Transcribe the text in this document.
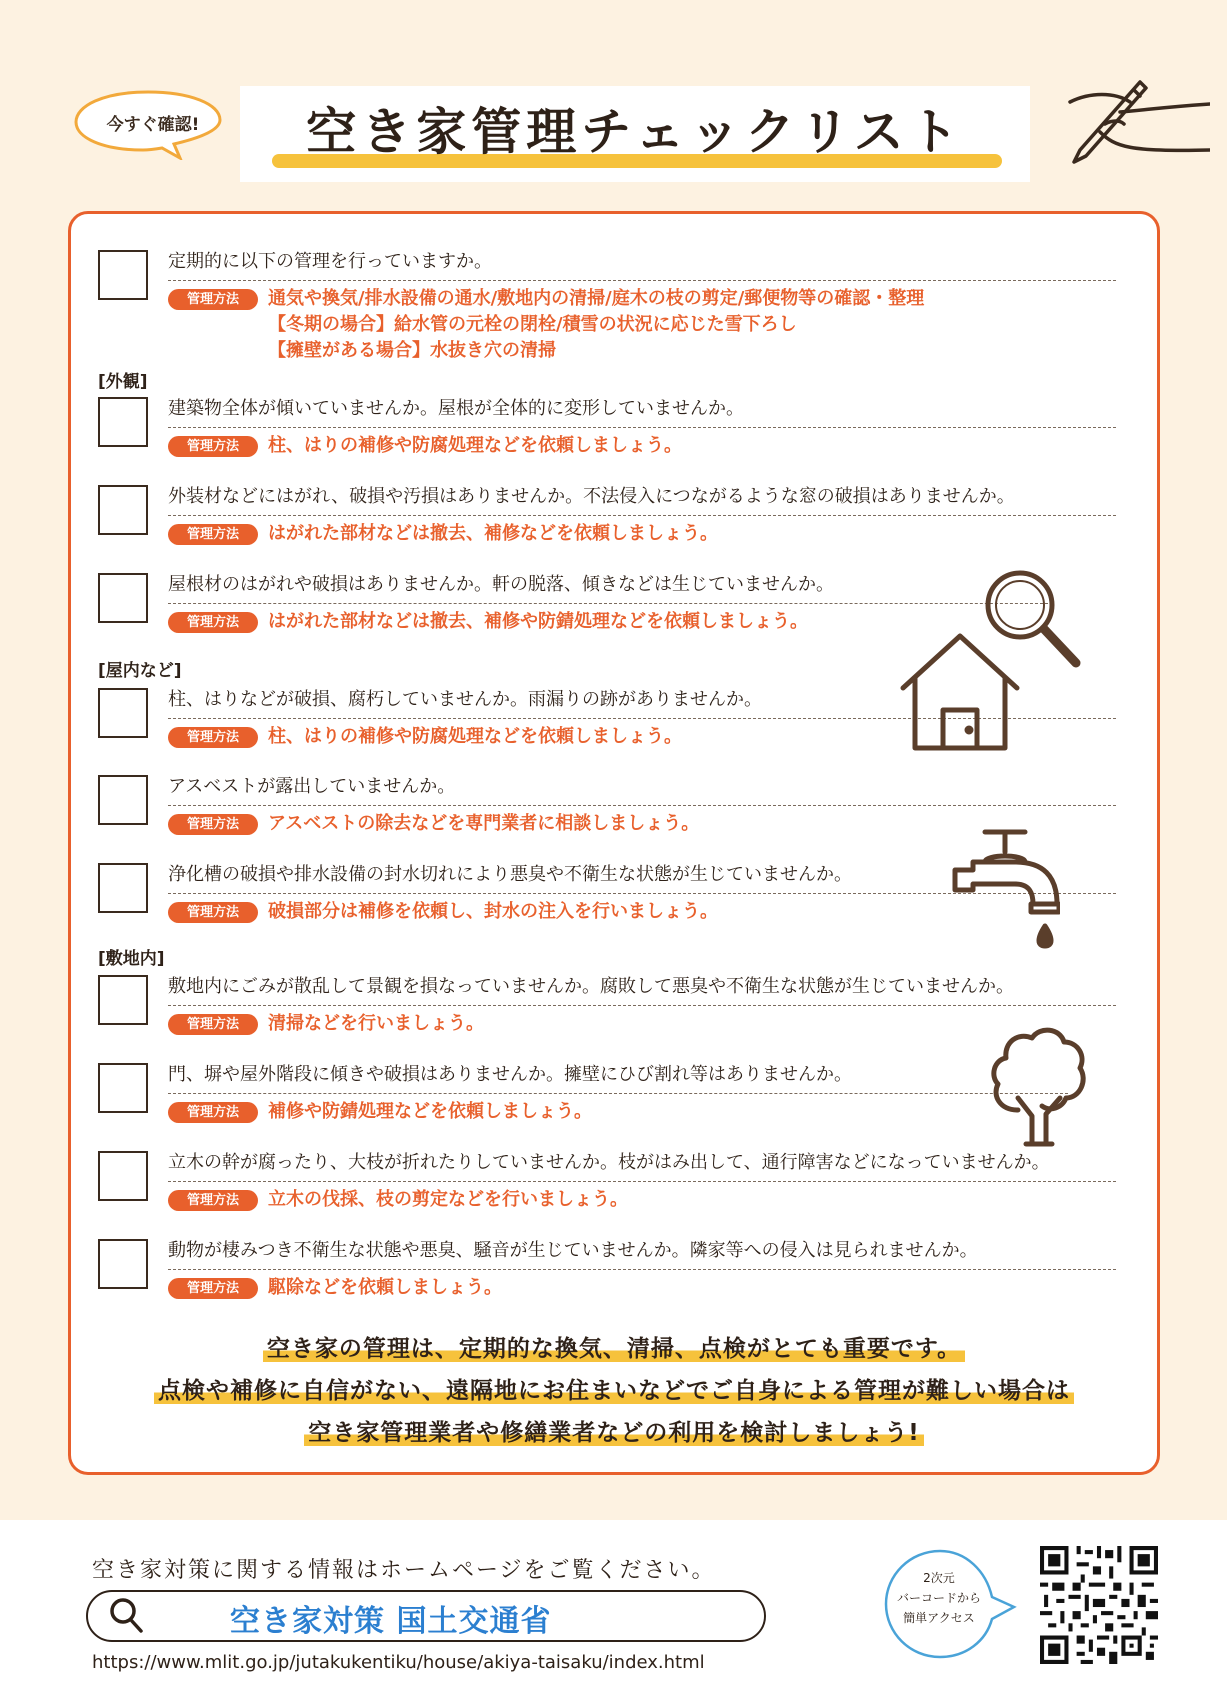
今すぐ確認!	空き家管理チェックリスト
定期的に以下の管理を行っていますか。
管理方法	通気や換気/排水設備の通水/敷地内の清掃/庭木の枝の剪定/郵便物等の確認・整理
【冬期の場合】給水管の元栓の閉栓/積雪の状況に応じた雪下ろし
【擁壁がある場合】水抜き穴の清掃
[外観]
建築物全体が傾いていませんか。屋根が全体的に変形していませんか。
管理方法	柱、はりの補修や防腐処理などを依頼しましょう。
外装材などにはがれ、破損や汚損はありませんか。不法侵入につながるような窓の破損はありませんか。
管理方法	はがれた部材などは撤去、補修などを依頼しましょう。
屋根材のはがれや破損はありませんか。軒の脱落、傾きなどは生じていませんか。
管理方法	はがれた部材などは撤去、補修や防錆処理などを依頼しましょう。
[屋内など]
柱、はりなどが破損、腐朽していませんか。雨漏りの跡がありませんか。
管理方法	柱、はりの補修や防腐処理などを依頼しましょう。
アスベストが露出していませんか。
管理方法	アスベストの除去などを専門業者に相談しましょう。
浄化槽の破損や排水設備の封水切れにより悪臭や不衛生な状態が生じていませんか。
管理方法	破損部分は補修を依頼し、封水の注入を行いましょう。
[敷地内]
敷地内にごみが散乱して景観を損なっていませんか。腐敗して悪臭や不衛生な状態が生じていませんか。
管理方法	清掃などを行いましょう。
門、塀や屋外階段に傾きや破損はありませんか。擁壁にひび割れ等はありませんか。
管理方法	補修や防錆処理などを依頼しましょう。
立木の幹が腐ったり、大枝が折れたりしていませんか。枝がはみ出して、通行障害などになっていませんか。
管理方法	立木の伐採、枝の剪定などを行いましょう。
動物が棲みつき不衛生な状態や悪臭、騒音が生じていませんか。隣家等への侵入は見られませんか。
管理方法	駆除などを依頼しましょう。
空き家の管理は、定期的な換気、清掃、点検がとても重要です。
点検や補修に自信がない、遠隔地にお住まいなどでご自身による管理が難しい場合は
空き家管理業者や修繕業者などの利用を検討しましょう!
空き家対策に関する情報はホームページをご覧ください。
空き家対策 国土交通省
https://www.mlit.go.jp/jutakukentiku/house/akiya-taisaku/index.html
2次元
バーコードから
簡単アクセス
